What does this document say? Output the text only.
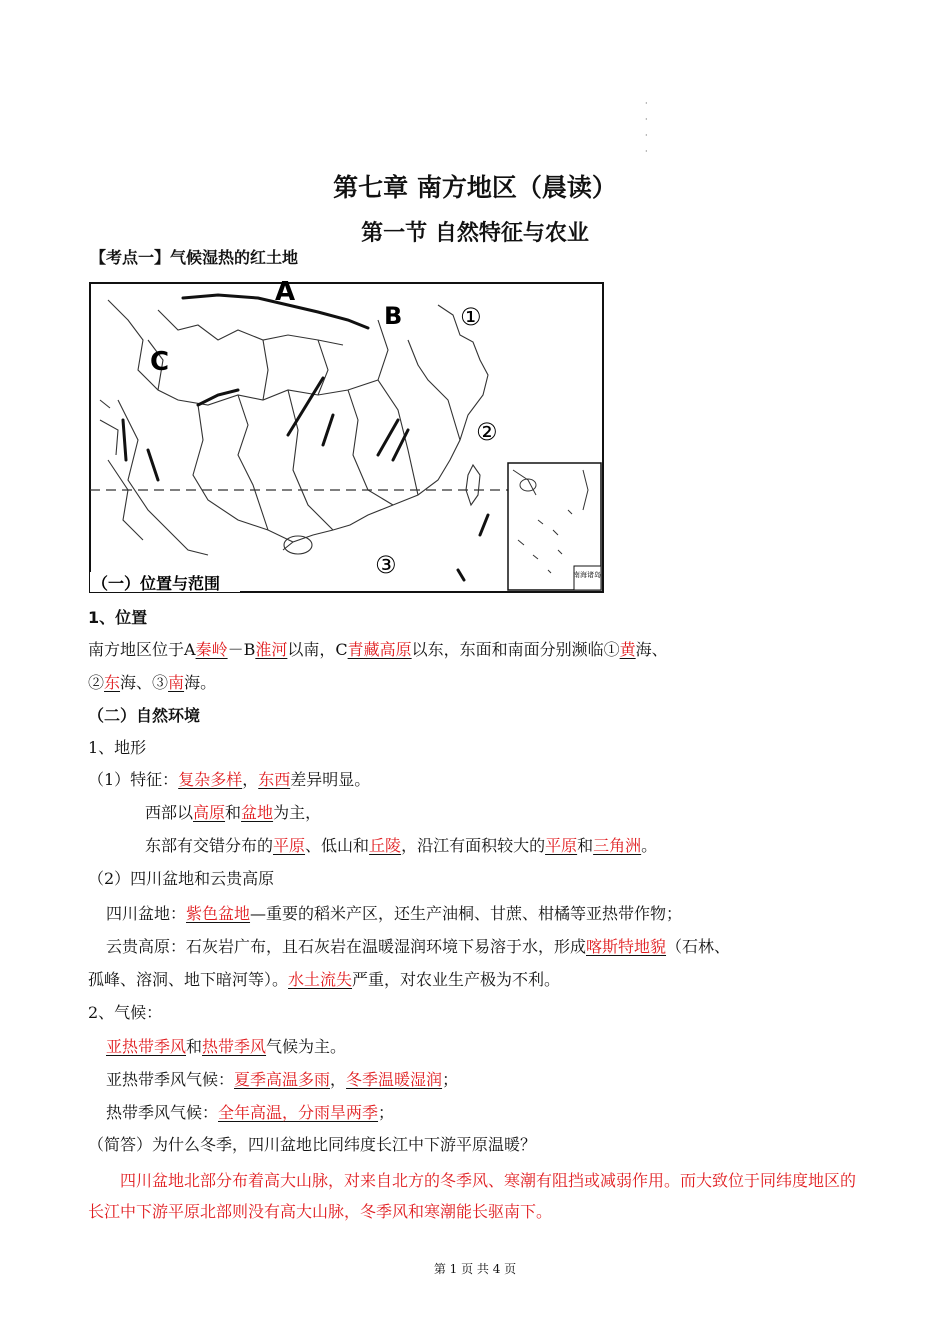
·
·
·
·
第七章 南方地区（晨读）
第一节 自然特征与农业
【考点一】气候湿热的红土地
南海诸岛
A
B
C
①
②
③
（一）位置与范围
1、位置
南方地区位于A秦岭－B淮河以南，C青藏高原以东，东面和南面分别濒临①黄海、
②东海、③南海。
（二）自然环境
1、地形
（1）特征：复杂多样，东西差异明显。
西部以高原和盆地为主，
东部有交错分布的平原、低山和丘陵，沿江有面积较大的平原和三角洲。
（2）四川盆地和云贵高原
四川盆地：紫色盆地—重要的稻米产区，还生产油桐、甘蔗、柑橘等亚热带作物；
云贵高原：石灰岩广布，且石灰岩在温暖湿润环境下易溶于水，形成喀斯特地貌（石林、
孤峰、溶洞、地下暗河等）。水土流失严重，对农业生产极为不利。
2、气候：
亚热带季风和热带季风气候为主。
亚热带季风气候：夏季高温多雨，冬季温暖湿润；
热带季风气候：全年高温，分雨旱两季；
（简答）为什么冬季，四川盆地比同纬度长江中下游平原温暖？
四川盆地北部分布着高大山脉，对来自北方的冬季风、寒潮有阻挡或减弱作用。而大致位于同纬度地区的长江中下游平原北部则没有高大山脉，冬季风和寒潮能长驱南下。
第 1 页 共 4 页
